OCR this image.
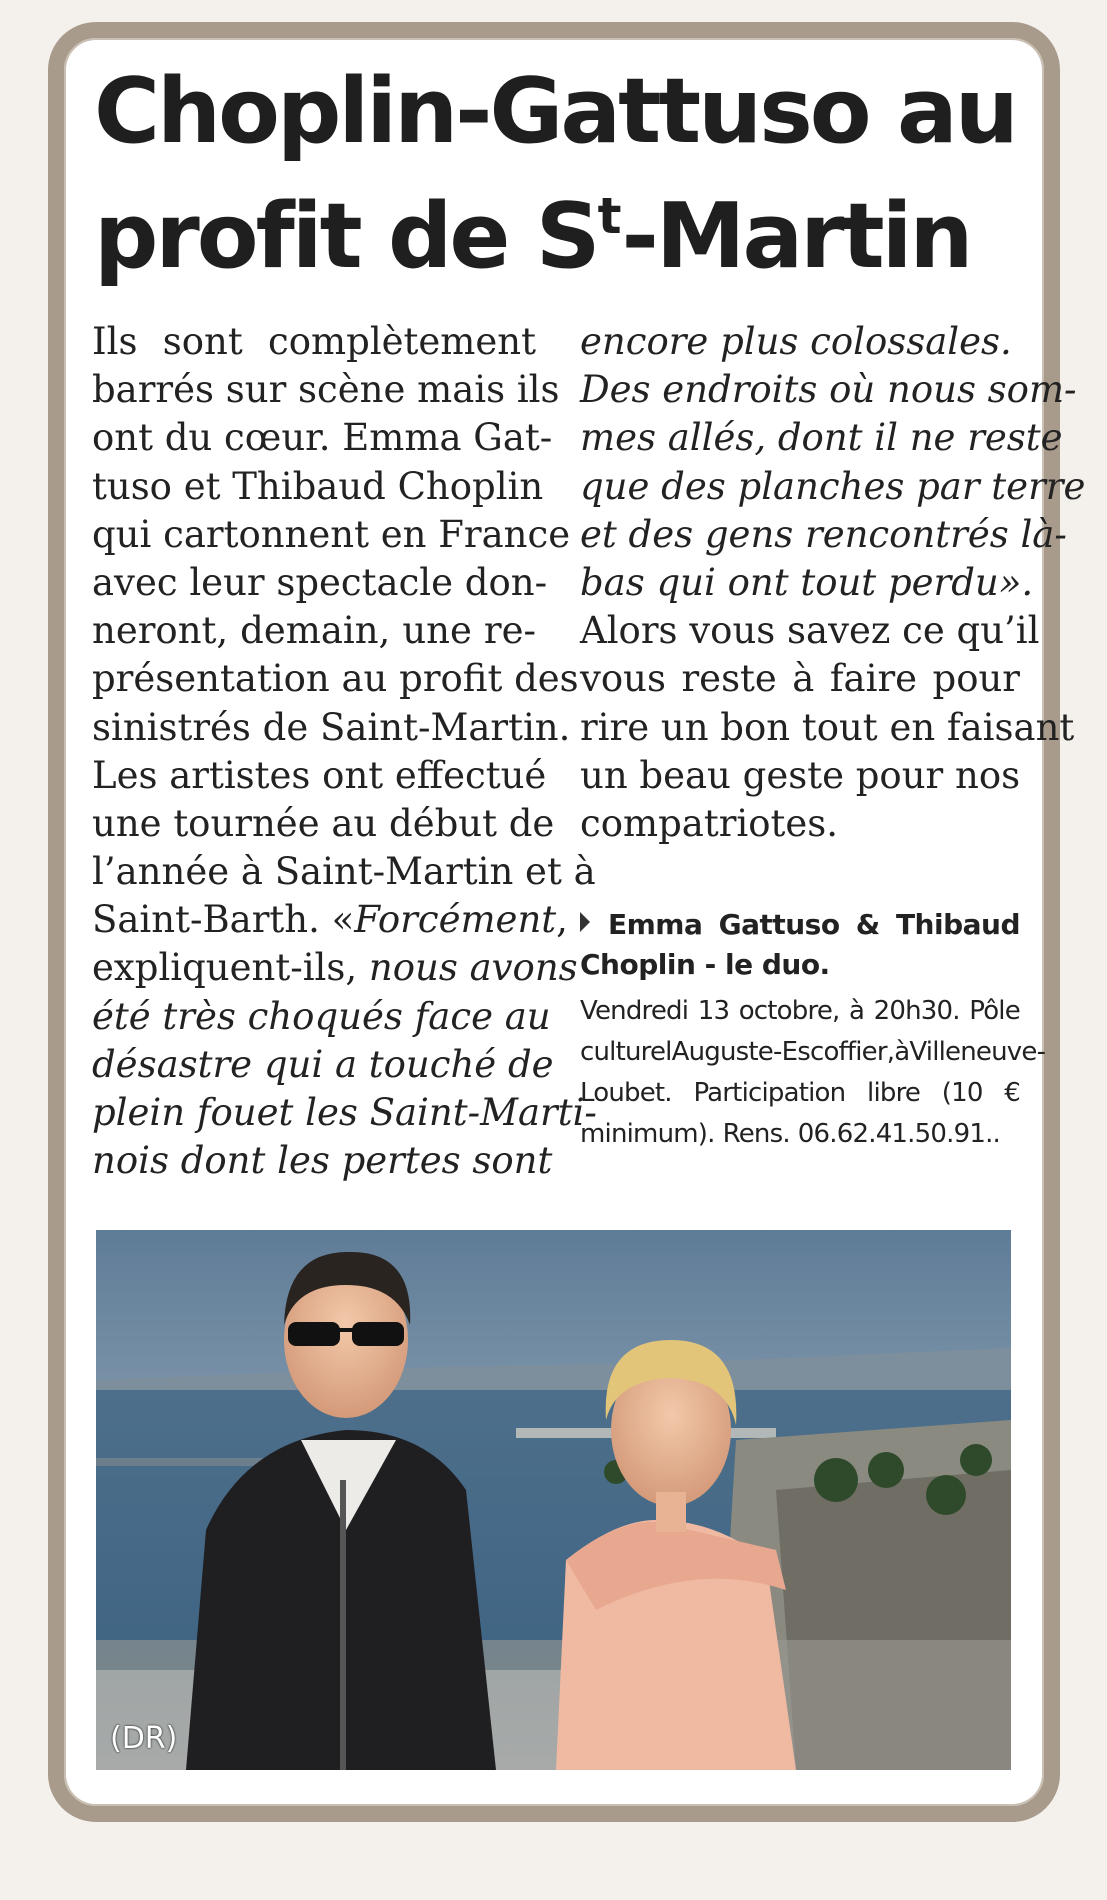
Choplin-Gattuso au
profit de $S^t$-Martin
Ils sont complètement
barrés sur scène mais ils
ont du cœur. Emma Gat-
tuso et Thibaud Choplin
qui cartonnent en France
avec leur spectacle don-
neront, demain, une re-
présentation au profit des
sinistrés de Saint-Martin.
Les artistes ont effectué
une tournée au début de
l’année à Saint-Martin et à
Saint-Barth. «Forcément,
expliquent-ils, nous avons
été très choqués face au
désastre qui a touché de
plein fouet les Saint-Marti-
nois dont les pertes sont
encore plus colossales.
Des endroits où nous som-
mes allés, dont il ne reste
que des planches par terre
et des gens rencontrés là-
bas qui ont tout perdu».
Alors vous savez ce qu’il
vous reste à faire pour
rire un bon tout en faisant
un beau geste pour nos
compatriotes.
Emma Gattuso & Thibaud
Choplin - le duo.
Vendredi 13 octobre, à 20h30. Pôle
culturel Auguste-Escoffier, à Villeneuve-
Loubet. Participation libre (10 €
minimum). Rens. 06.62.41.50.91..
(DR)
